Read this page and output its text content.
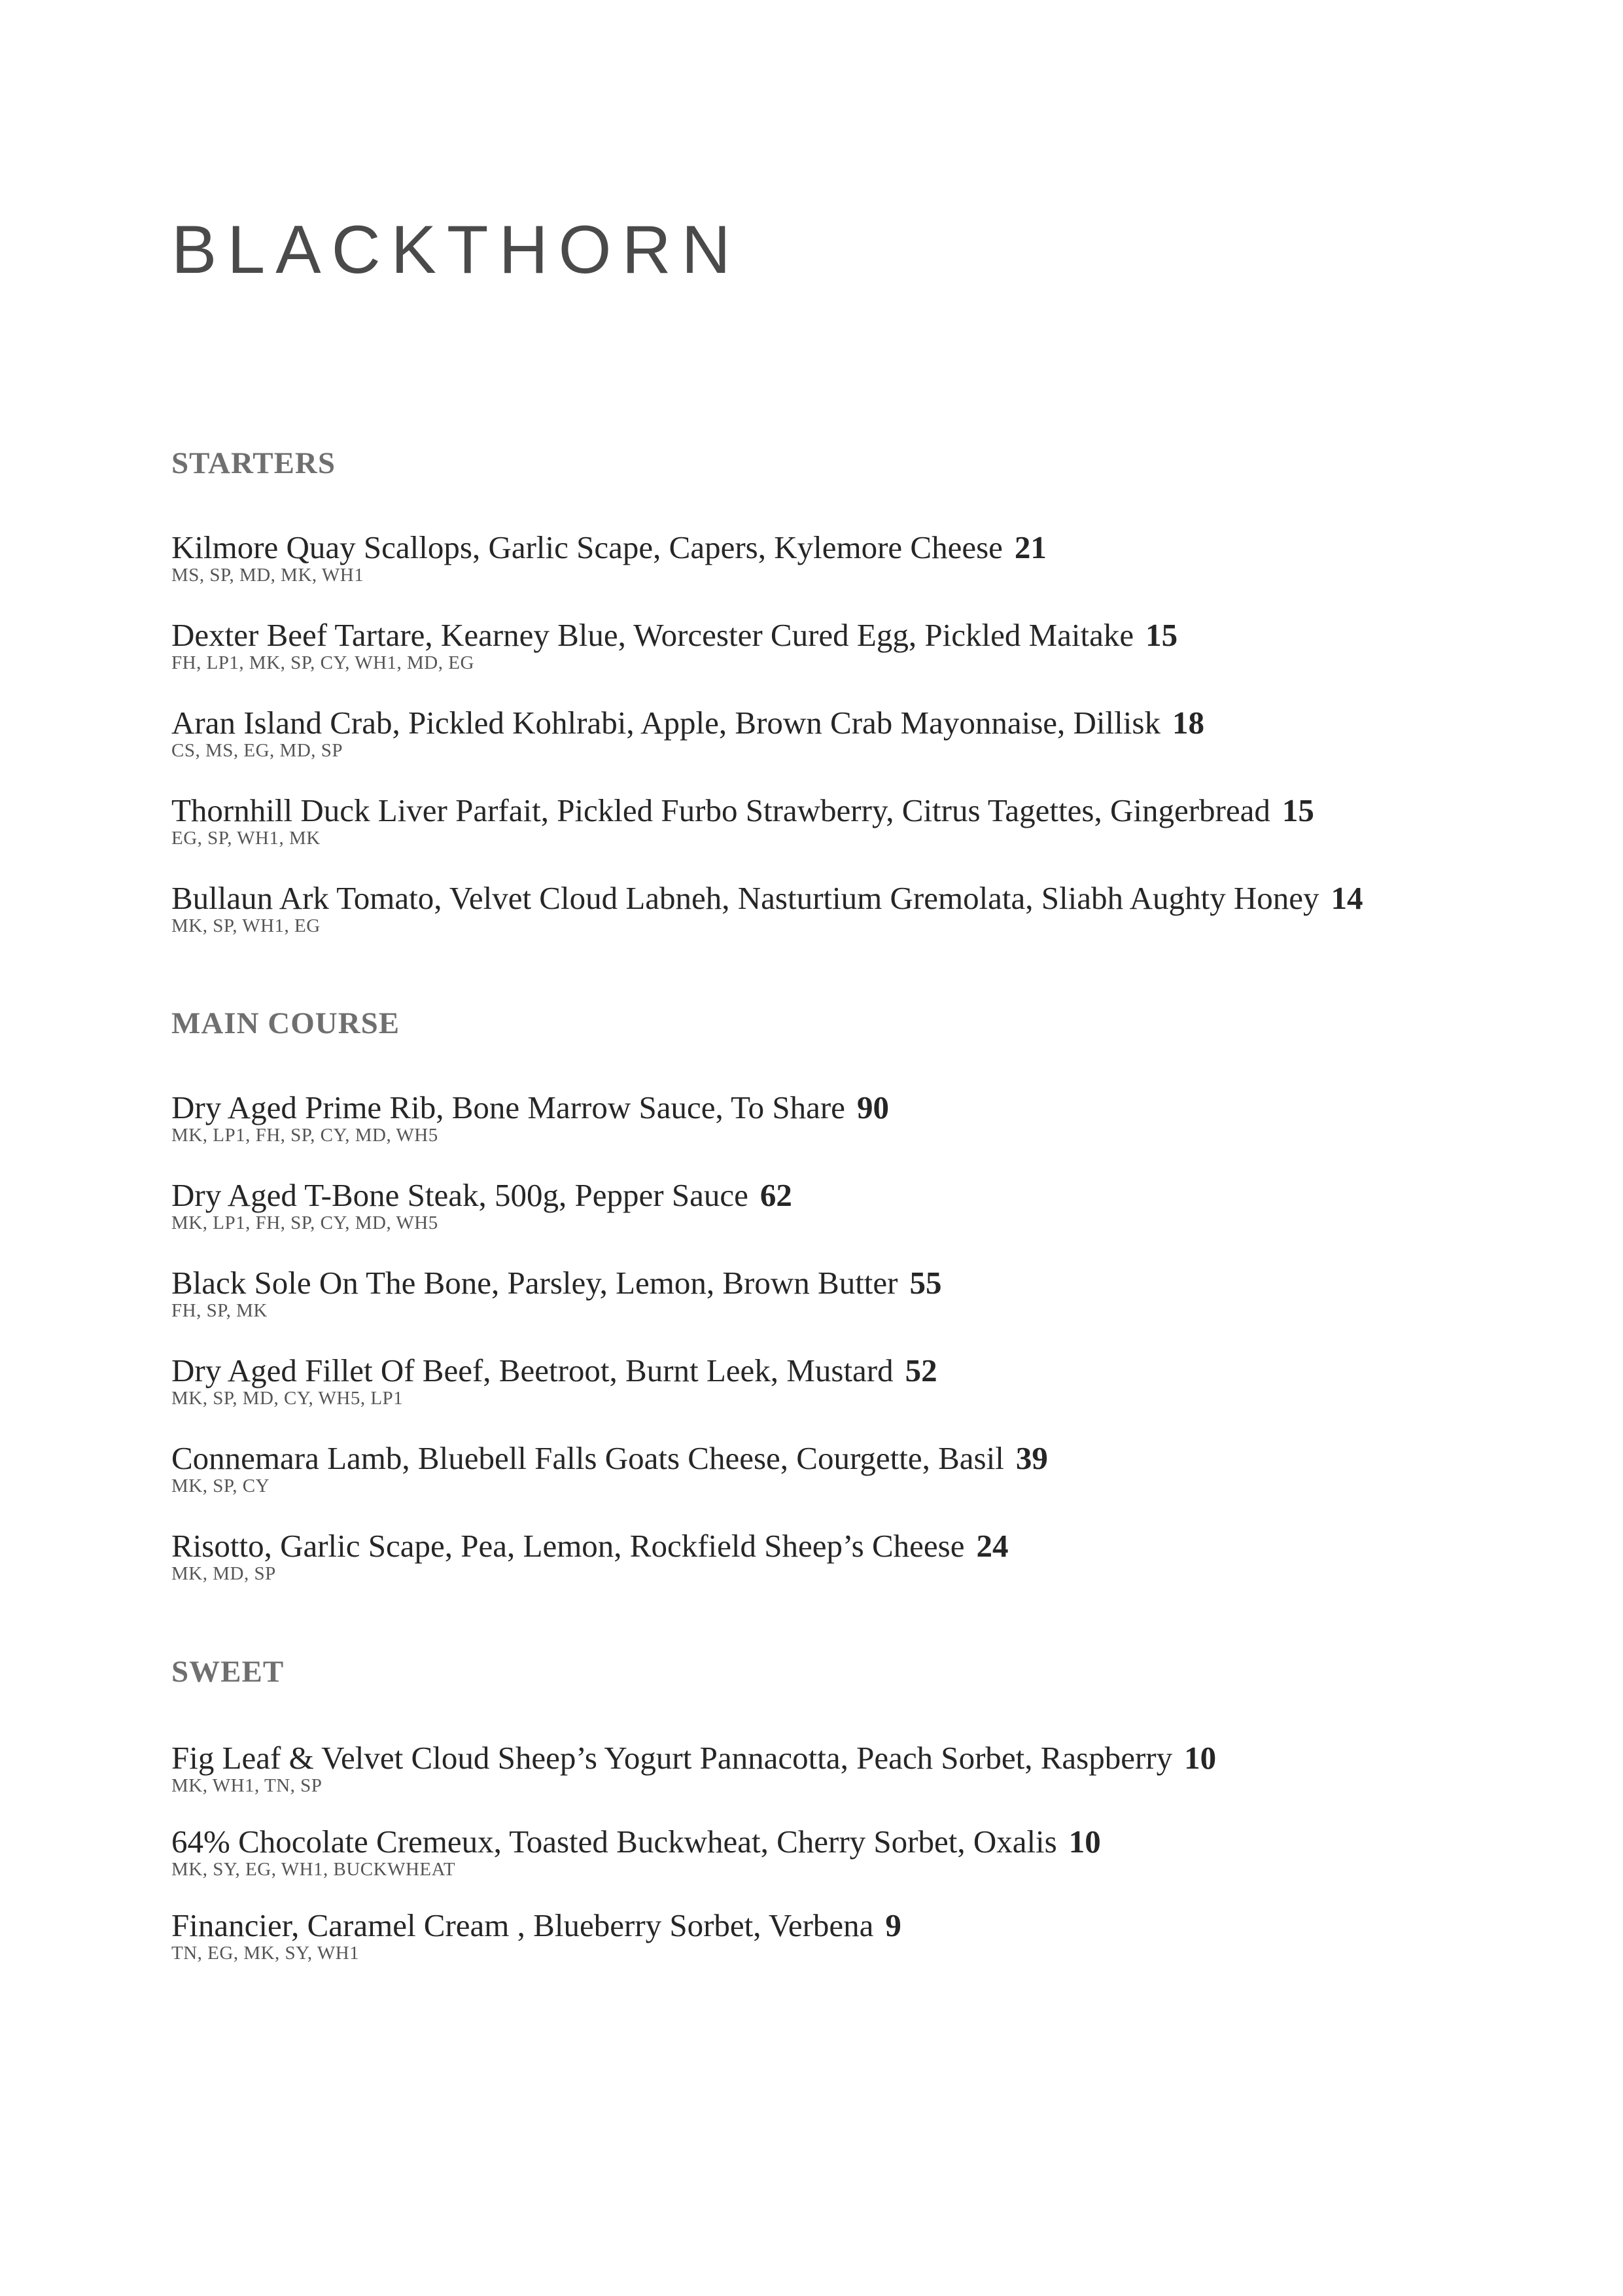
BLACKTHORN
STARTERS
Kilmore Quay Scallops, Garlic Scape, Capers, Kylemore Cheese 21
MS, SP, MD, MK, WH1
Dexter Beef Tartare, Kearney Blue, Worcester Cured Egg, Pickled Maitake 15
FH, LP1, MK, SP, CY, WH1, MD, EG
Aran Island Crab, Pickled Kohlrabi, Apple, Brown Crab Mayonnaise, Dillisk 18
CS, MS, EG, MD, SP
Thornhill Duck Liver Parfait, Pickled Furbo Strawberry, Citrus Tagettes, Gingerbread 15
EG, SP, WH1, MK
Bullaun Ark Tomato, Velvet Cloud Labneh, Nasturtium Gremolata, Sliabh Aughty Honey 14
MK, SP, WH1, EG
MAIN COURSE
Dry Aged Prime Rib, Bone Marrow Sauce, To Share 90
MK, LP1, FH, SP, CY, MD, WH5
Dry Aged T-Bone Steak, 500g, Pepper Sauce 62
MK, LP1, FH, SP, CY, MD, WH5
Black Sole On The Bone, Parsley, Lemon, Brown Butter 55
FH, SP, MK
Dry Aged Fillet Of Beef, Beetroot, Burnt Leek, Mustard 52
MK, SP, MD, CY, WH5, LP1
Connemara Lamb, Bluebell Falls Goats Cheese, Courgette, Basil 39
MK, SP, CY
Risotto, Garlic Scape, Pea, Lemon, Rockfield Sheep’s Cheese 24
MK, MD, SP
SWEET
Fig Leaf & Velvet Cloud Sheep’s Yogurt Pannacotta, Peach Sorbet, Raspberry 10
MK, WH1, TN, SP
64% Chocolate Cremeux, Toasted Buckwheat, Cherry Sorbet, Oxalis 10
MK, SY, EG, WH1, BUCKWHEAT
Financier, Caramel Cream , Blueberry Sorbet, Verbena 9
TN, EG, MK, SY, WH1
